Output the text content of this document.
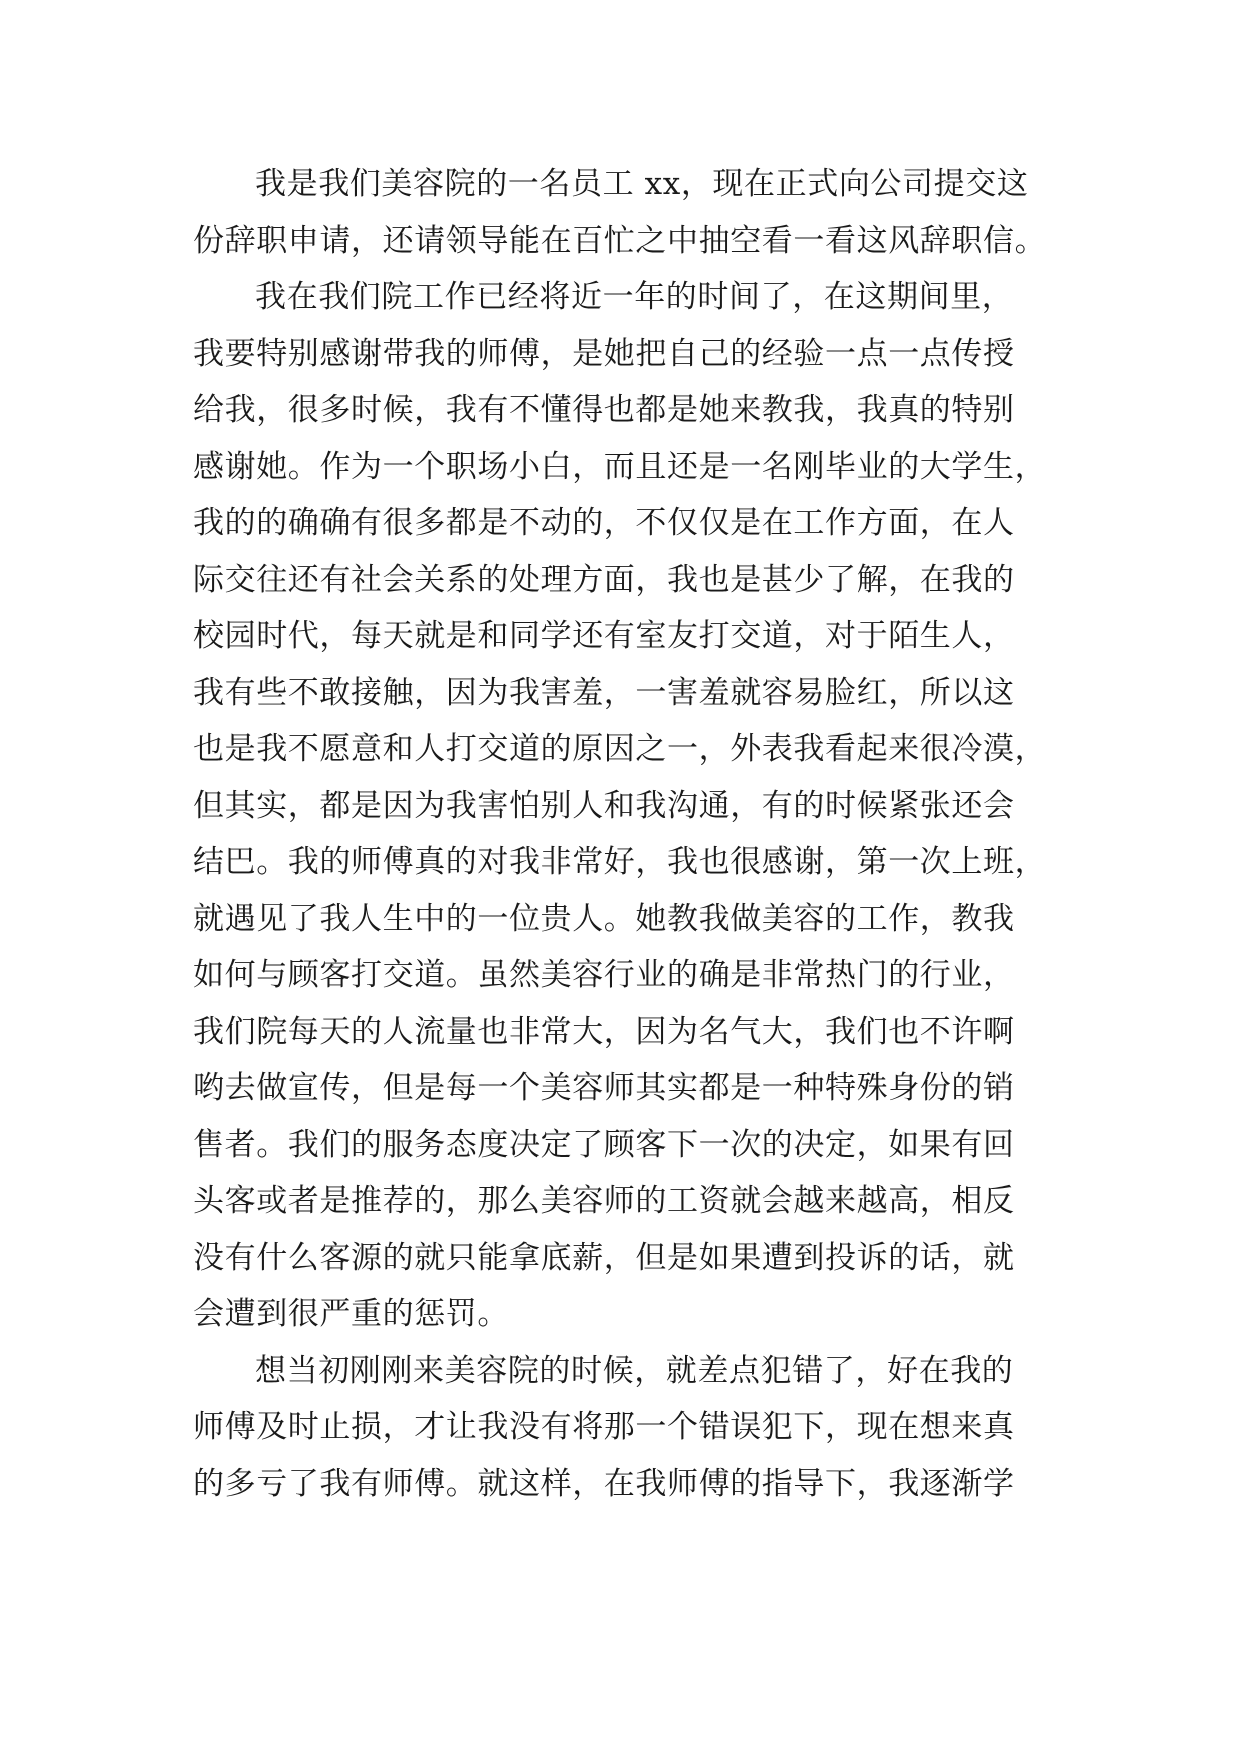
我是我们美容院的一名员工 xx，现在正式向公司提交这
份辞职申请，还请领导能在百忙之中抽空看一看这风辞职信。
我在我们院工作已经将近一年的时间了，在这期间里，
我要特别感谢带我的师傅，是她把自己的经验一点一点传授
给我，很多时候，我有不懂得也都是她来教我，我真的特别
感谢她。作为一个职场小白，而且还是一名刚毕业的大学生，
我的的确确有很多都是不动的，不仅仅是在工作方面，在人
际交往还有社会关系的处理方面，我也是甚少了解，在我的
校园时代，每天就是和同学还有室友打交道，对于陌生人，
我有些不敢接触，因为我害羞，一害羞就容易脸红，所以这
也是我不愿意和人打交道的原因之一，外表我看起来很冷漠，
但其实，都是因为我害怕别人和我沟通，有的时候紧张还会
结巴。我的师傅真的对我非常好，我也很感谢，第一次上班，
就遇见了我人生中的一位贵人。她教我做美容的工作，教我
如何与顾客打交道。虽然美容行业的确是非常热门的行业，
我们院每天的人流量也非常大，因为名气大，我们也不许啊
哟去做宣传，但是每一个美容师其实都是一种特殊身份的销
售者。我们的服务态度决定了顾客下一次的决定，如果有回
头客或者是推荐的，那么美容师的工资就会越来越高，相反
没有什么客源的就只能拿底薪，但是如果遭到投诉的话，就
会遭到很严重的惩罚。
想当初刚刚来美容院的时候，就差点犯错了，好在我的
师傅及时止损，才让我没有将那一个错误犯下，现在想来真
的多亏了我有师傅。就这样，在我师傅的指导下，我逐渐学
